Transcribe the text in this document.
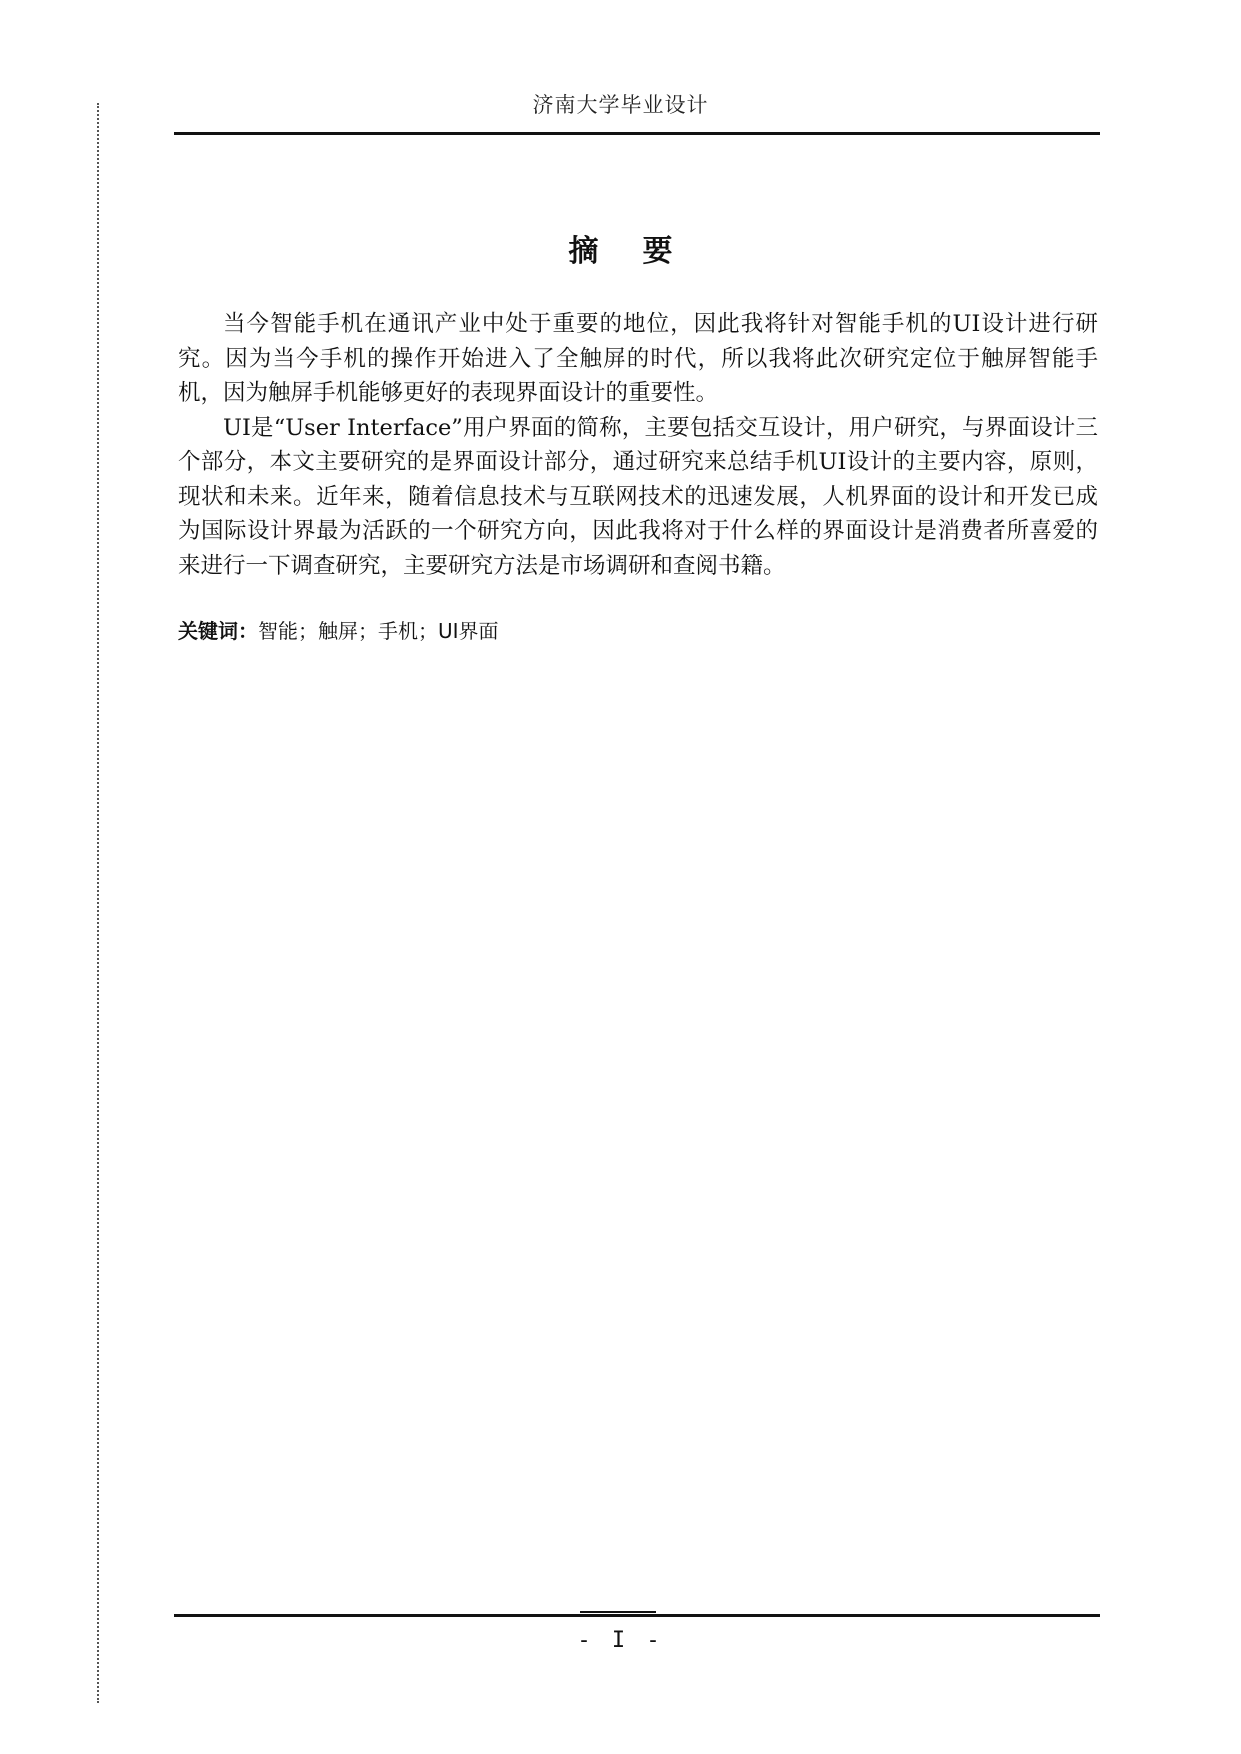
济南大学毕业设计
摘要

当今智能手机在通讯产业中处于重要的地位，因此我将针对智能手机的UI设计进行研究。因为当今手机的操作开始进入了全触屏的时代，所以我将此次研究定位于触屏智能手机，因为触屏手机能够更好的表现界面设计的重要性。

UI是“User Interface”用户界面的简称，主要包括交互设计，用户研究，与界面设计三个部分，本文主要研究的是界面设计部分，通过研究来总结手机UI设计的主要内容，原则，现状和未来。近年来，随着信息技术与互联网技术的迅速发展，人机界面的设计和开发已成为国际设计界最为活跃的一个研究方向，因此我将对于什么样的界面设计是消费者所喜爱的来进行一下调查研究，主要研究方法是市场调研和查阅书籍。

关键词：智能；触屏；手机；UI界面
- I -
